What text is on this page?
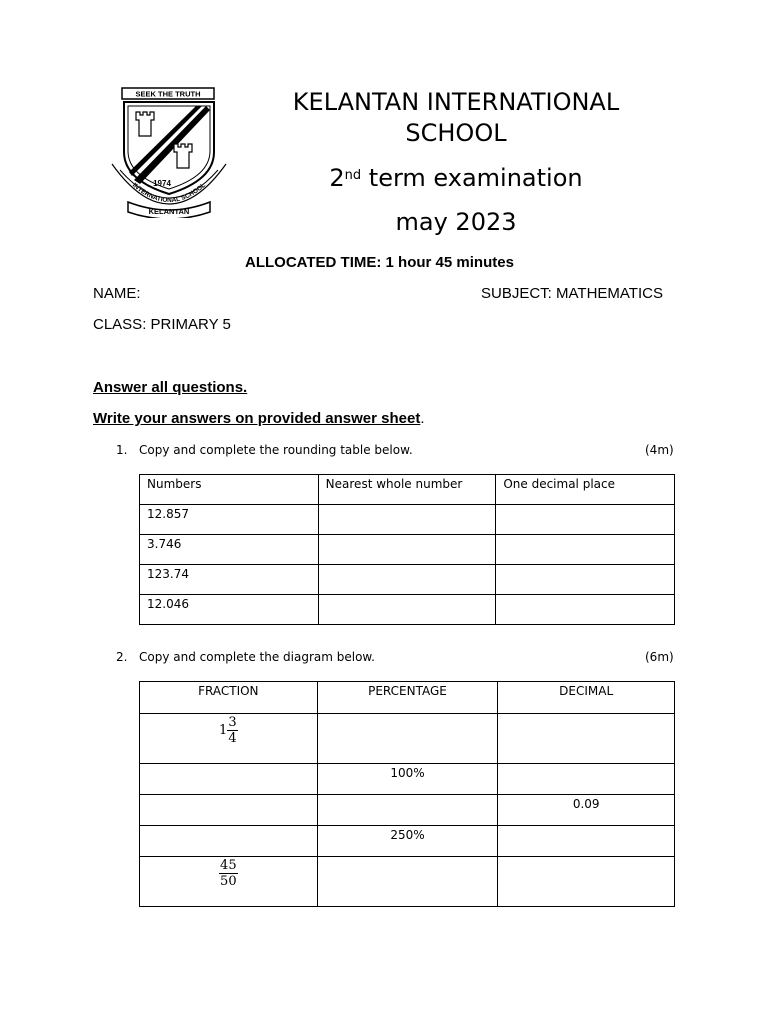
SEEK THE TRUTH
1974
INTERNATIONAL SCHOOL
KELANTAN
KELANTAN INTERNATIONAL
SCHOOL
2nd term examination
may 2023
ALLOCATED TIME: 1 hour 45 minutes
NAME:	SUBJECT: MATHEMATICS
CLASS: PRIMARY 5
Answer all questions.
Write your answers on provided answer sheet.
1. Copy and complete the rounding table below.	(4m)
Numbers	Nearest whole number	One decimal place
12.857		
3.746		
123.74		
12.046		
2. Copy and complete the diagram below.	(6m)
FRACTION	PERCENTAGE	DECIMAL
$1 \frac{3}{4}$

	100%	
		0.09
	250%	

$\frac{45}{50}$
